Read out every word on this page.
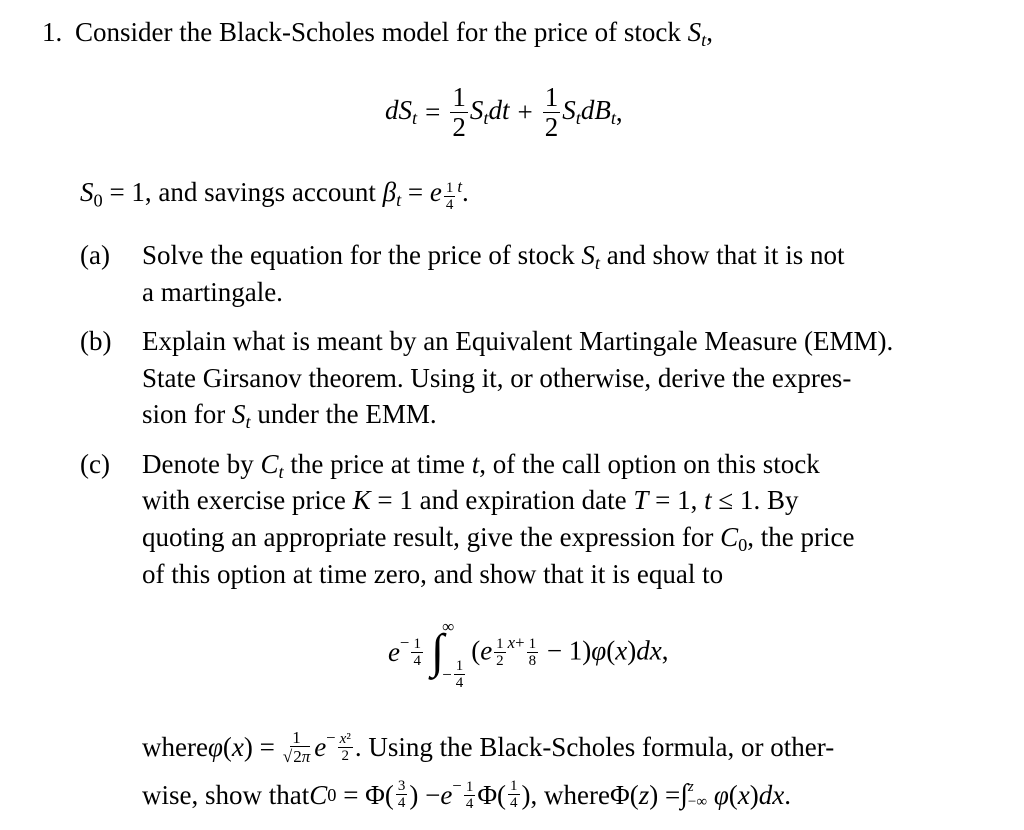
1. Consider the Black-Scholes model for the price of stock $S_t$,
$dS_t = \frac{1}{2} S_tdt + \frac{1}{2} S_tdB_t$ ,
$S_0 = 1$, and savings account $\beta_t = e$ $^{\frac{1}{4} t}$.
(a) Solve the equation for the price of stock $S_t$ and show that it is not
a martingale.
(b) Explain what is meant by an Equivalent Martingale Measure (EMM).
State Girsanov theorem. Using it, or otherwise, derive the expres-
sion for $S_t$ under the EMM.
(c) Denote by $C_t$ the price at time t, of the call option on this stock
with exercise price K = 1 and expiration date T = 1, t ≤ 1. By
quoting an appropriate result, give the expression for $C_0$, the price
of this option at time zero, and show that it is equal to
$e - \frac{1}{4}$ ∫
∞
− $\frac{1}{4}$
(e $^{\frac{1}{2} x+ \frac{1}{8}}$ − 1)φ(x)dx,
where φ ( x ) = $\frac{1}{√2\pi}$ $e - \frac{\text{x²}}{2}$ . Using the Black-Scholes formula, or other-
wise, show that C $0 = \Phi( \frac{3}{4}$ ) − $e - \frac{1}{4} \Phi( \frac{1}{4}$ ) , where Φ( z ) = ∫ z
−∞
φ ( x ) dx .
